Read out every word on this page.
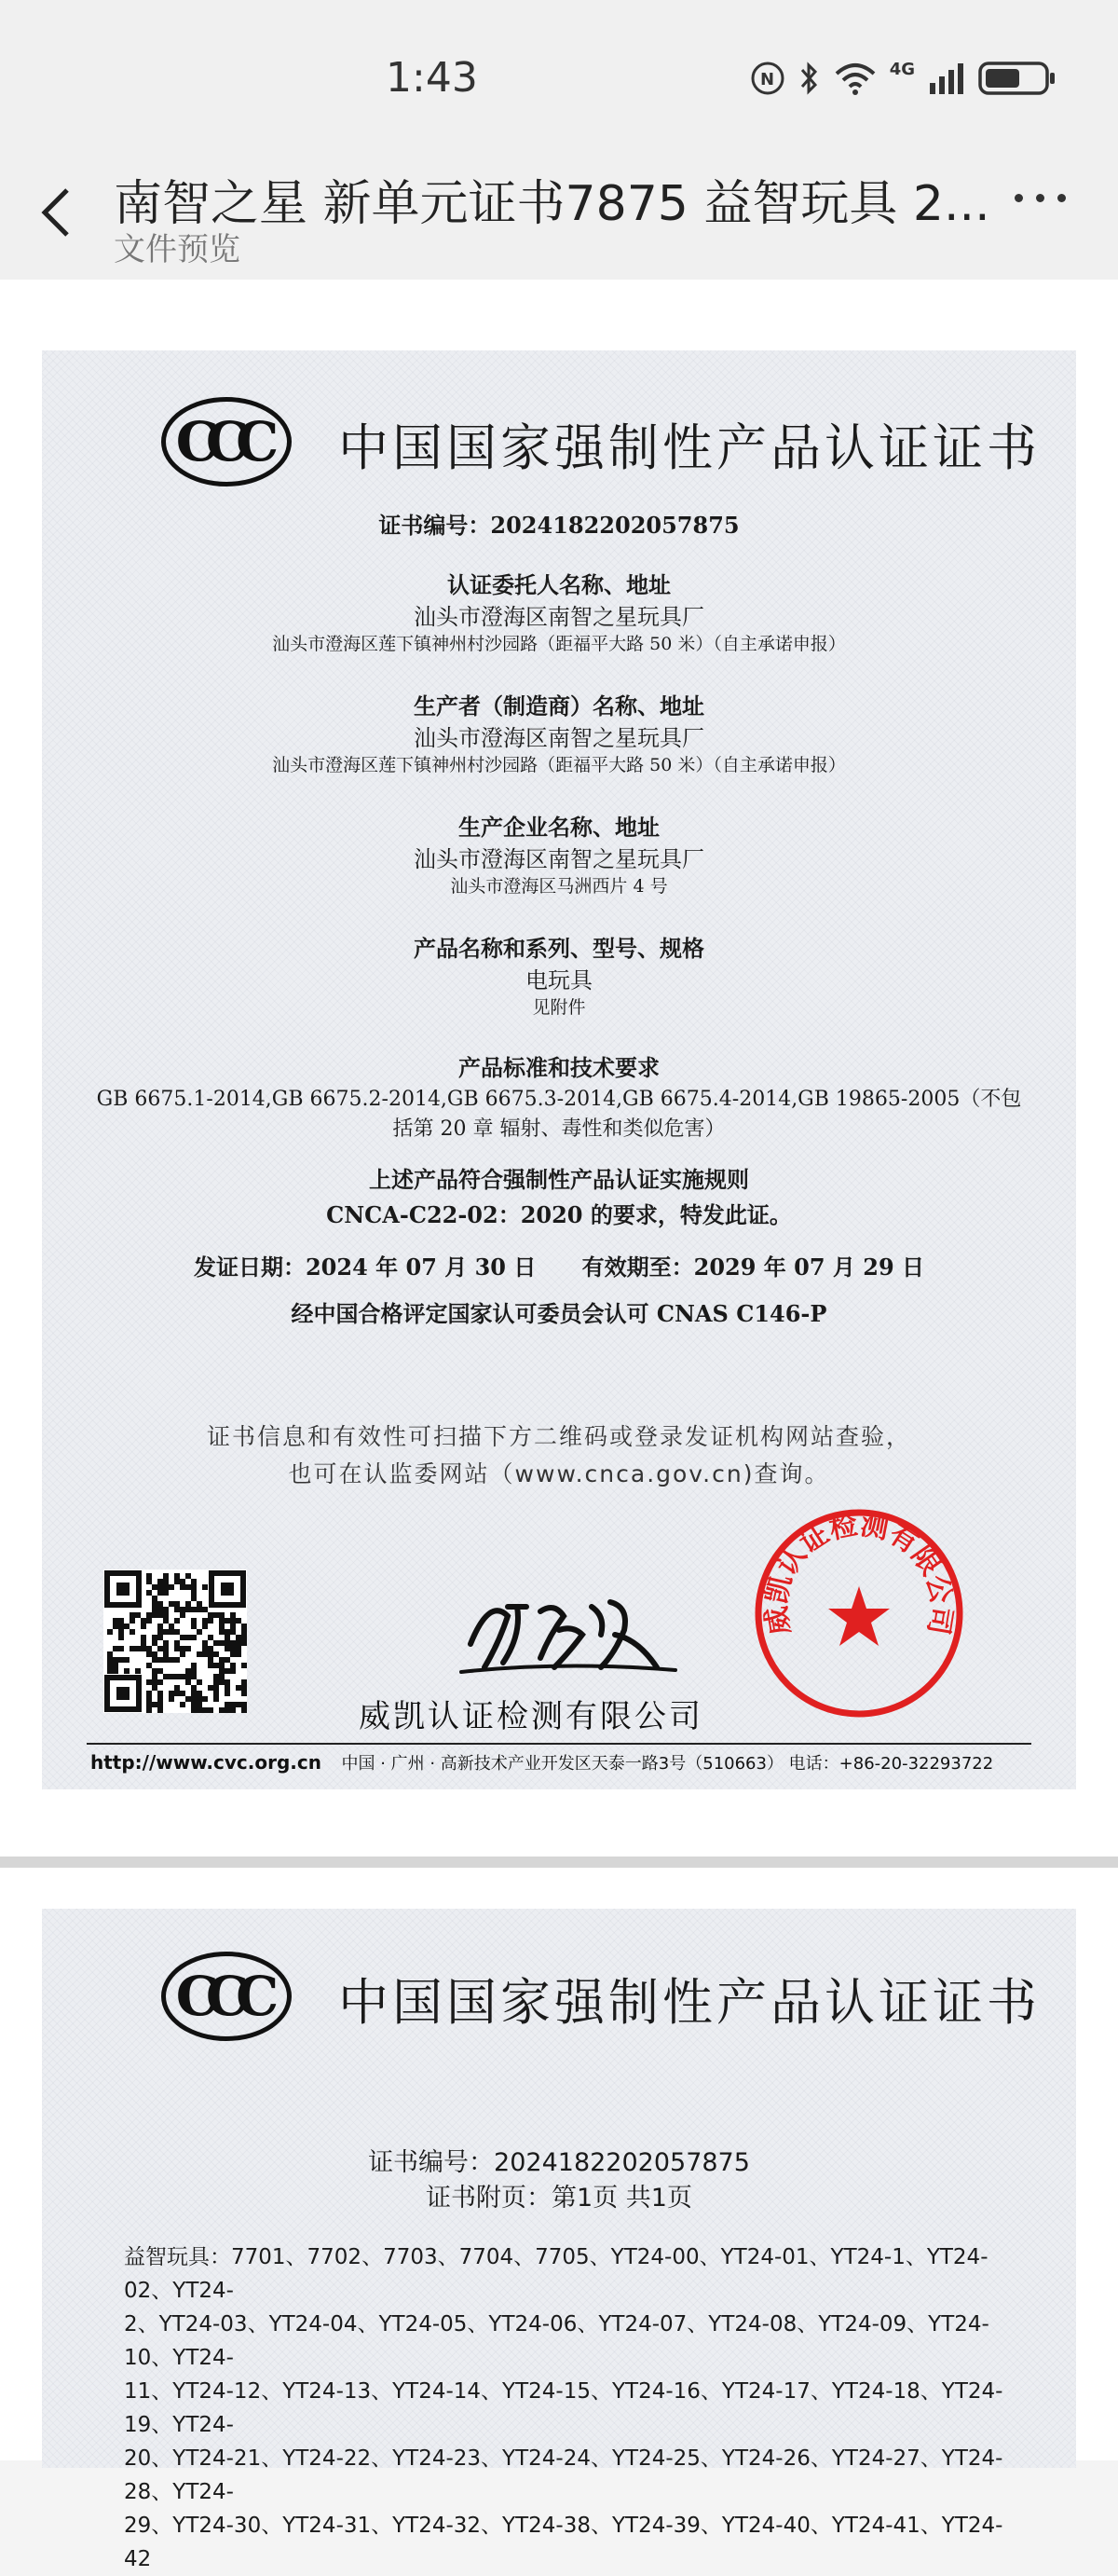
1:43	N
4G
南智之星 新单元证书7875 益智玩具 2...
文件预览
CCC 中国国家强制性产品认证证书
证书编号：2024182202057875
认证委托人名称、地址
汕头市澄海区南智之星玩具厂
汕头市澄海区莲下镇神州村沙园路（距福平大路 50 米）（自主承诺申报）
生产者（制造商）名称、地址
汕头市澄海区南智之星玩具厂
汕头市澄海区莲下镇神州村沙园路（距福平大路 50 米）（自主承诺申报）
生产企业名称、地址
汕头市澄海区南智之星玩具厂
汕头市澄海区马洲西片 4 号
产品名称和系列、型号、规格
电玩具
见附件
产品标准和技术要求
GB 6675.1-2014,GB 6675.2-2014,GB 6675.3-2014,GB 6675.4-2014,GB 19865-2005（不包
括第 20 章 辐射、毒性和类似危害）
上述产品符合强制性产品认证实施规则
CNCA-C22-02：2020 的要求，特发此证。
发证日期：2024 年 07 月 30 日 有效期至：2029 年 07 月 29 日
经中国合格评定国家认可委员会认可 CNAS C146-P
证书信息和有效性可扫描下方二维码或登录发证机构网站查验，
也可在认监委网站（www.cnca.gov.cn)查询。
威凯认证检测有限公司
威凯认证检测有限公司
http://www.cvc.org.cn 中国 · 广州 · 高新技术产业开发区天泰一路3号（510663） 电话：+86-20-32293722
CCC 中国国家强制性产品认证证书
证书编号：2024182202057875
证书附页：第1页 共1页
益智玩具：7701、7702、7703、7704、7705、YT24-00、YT24-01、YT24-1、YT24-02、YT24-
2、YT24-03、YT24-04、YT24-05、YT24-06、YT24-07、YT24-08、YT24-09、YT24-10、YT24-
11、YT24-12、YT24-13、YT24-14、YT24-15、YT24-16、YT24-17、YT24-18、YT24-19、YT24-
20、YT24-21、YT24-22、YT24-23、YT24-24、YT24-25、YT24-26、YT24-27、YT24-28、YT24-
29、YT24-30、YT24-31、YT24-32、YT24-38、YT24-39、YT24-40、YT24-41、YT24-42
